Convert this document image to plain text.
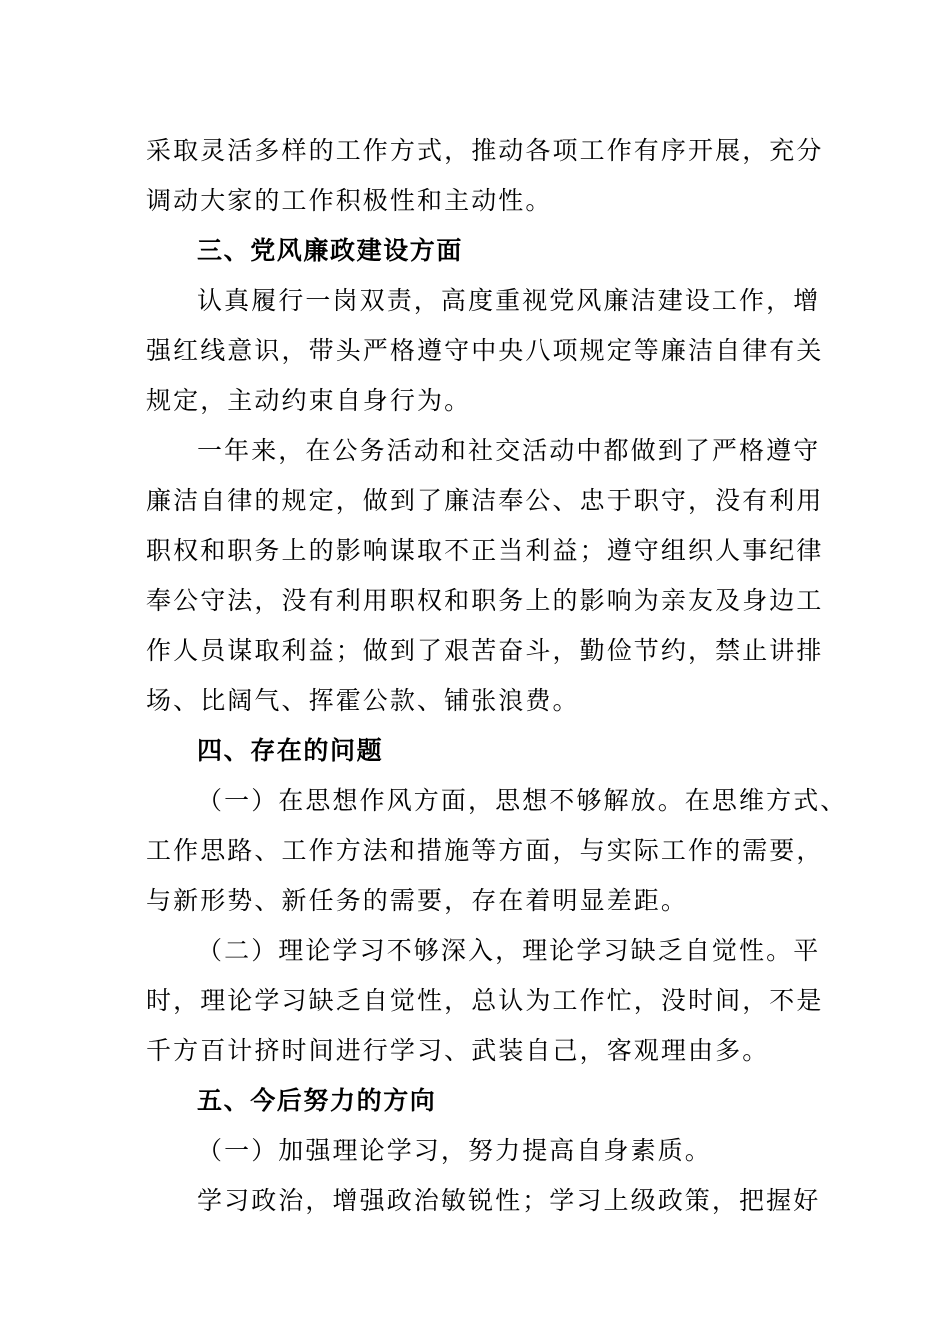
采取灵活多样的工作方式，推动各项工作有序开展，充分
调动大家的工作积极性和主动性。
三、党风廉政建设方面
认真履行一岗双责，高度重视党风廉洁建设工作，增
强红线意识，带头严格遵守中央八项规定等廉洁自律有关
规定，主动约束自身行为。
一年来，在公务活动和社交活动中都做到了严格遵守
廉洁自律的规定，做到了廉洁奉公、忠于职守，没有利用
职权和职务上的影响谋取不正当利益；遵守组织人事纪律
奉公守法，没有利用职权和职务上的影响为亲友及身边工
作人员谋取利益；做到了艰苦奋斗，勤俭节约，禁止讲排
场、比阔气、挥霍公款、铺张浪费。
四、存在的问题
（一）在思想作风方面，思想不够解放。在思维方式、
工作思路、工作方法和措施等方面，与实际工作的需要，
与新形势、新任务的需要，存在着明显差距。
（二）理论学习不够深入，理论学习缺乏自觉性。平
时，理论学习缺乏自觉性，总认为工作忙，没时间，不是
千方百计挤时间进行学习、武装自己，客观理由多。
五、今后努力的方向
（一）加强理论学习，努力提高自身素质。
学习政治，增强政治敏锐性；学习上级政策，把握好
